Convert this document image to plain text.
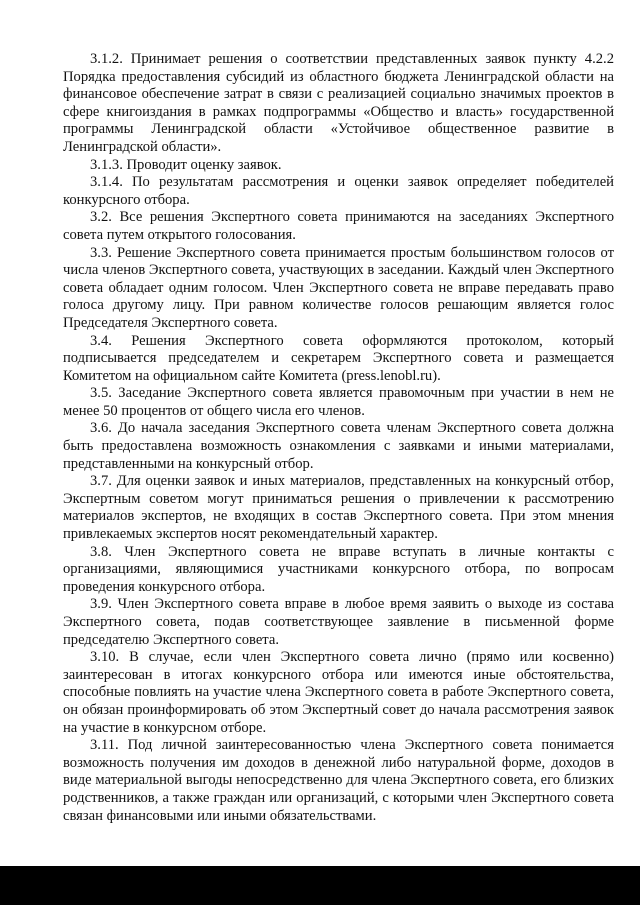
3.1.2. Принимает решения о соответствии представленных заявок пункту 4.2.2 Порядка предоставления субсидий из областного бюджета Ленинградской области на финансовое обеспечение затрат в связи с реализацией социально значимых проектов в сфере книгоиздания в рамках подпрограммы «Общество и власть» государственной программы Ленинградской области «Устойчивое общественное развитие в Ленинградской области».

3.1.3. Проводит оценку заявок.

3.1.4. По результатам рассмотрения и оценки заявок определяет победителей конкурсного отбора.

3.2. Все решения Экспертного совета принимаются на заседаниях Экспертного совета путем открытого голосования.

3.3. Решение Экспертного совета принимается простым большинством голосов от числа членов Экспертного совета, участвующих в заседании. Каждый член Экспертного совета обладает одним голосом. Член Экспертного совета не вправе передавать право голоса другому лицу. При равном количестве голосов решающим является голос Председателя Экспертного совета.

3.4. Решения Экспертного совета оформляются протоколом, который подписывается председателем и секретарем Экспертного совета и размещается Комитетом на официальном сайте Комитета (press.lenobl.ru).

3.5. Заседание Экспертного совета является правомочным при участии в нем не менее 50 процентов от общего числа его членов.

3.6. До начала заседания Экспертного совета членам Экспертного совета должна быть предоставлена возможность ознакомления с заявками и иными материалами, представленными на конкурсный отбор.

3.7. Для оценки заявок и иных материалов, представленных на конкурсный отбор, Экспертным советом могут приниматься решения о привлечении к рассмотрению материалов экспертов, не входящих в состав Экспертного совета. При этом мнения привлекаемых экспертов носят рекомендательный характер.

3.8. Член Экспертного совета не вправе вступать в личные контакты с организациями, являющимися участниками конкурсного отбора, по вопросам проведения конкурсного отбора.

3.9. Член Экспертного совета вправе в любое время заявить о выходе из состава Экспертного совета, подав соответствующее заявление в письменной форме председателю Экспертного совета.

3.10. В случае, если член Экспертного совета лично (прямо или косвенно) заинтересован в итогах конкурсного отбора или имеются иные обстоятельства, способные повлиять на участие члена Экспертного совета в работе Экспертного совета, он обязан проинформировать об этом Экспертный совет до начала рассмотрения заявок на участие в конкурсном отборе.

3.11. Под личной заинтересованностью члена Экспертного совета понимается возможность получения им доходов в денежной либо натуральной форме, доходов в виде материальной выгоды непосредственно для члена Экспертного совета, его близких родственников, а также граждан или организаций, с которыми член Экспертного совета связан финансовыми или иными обязательствами.
